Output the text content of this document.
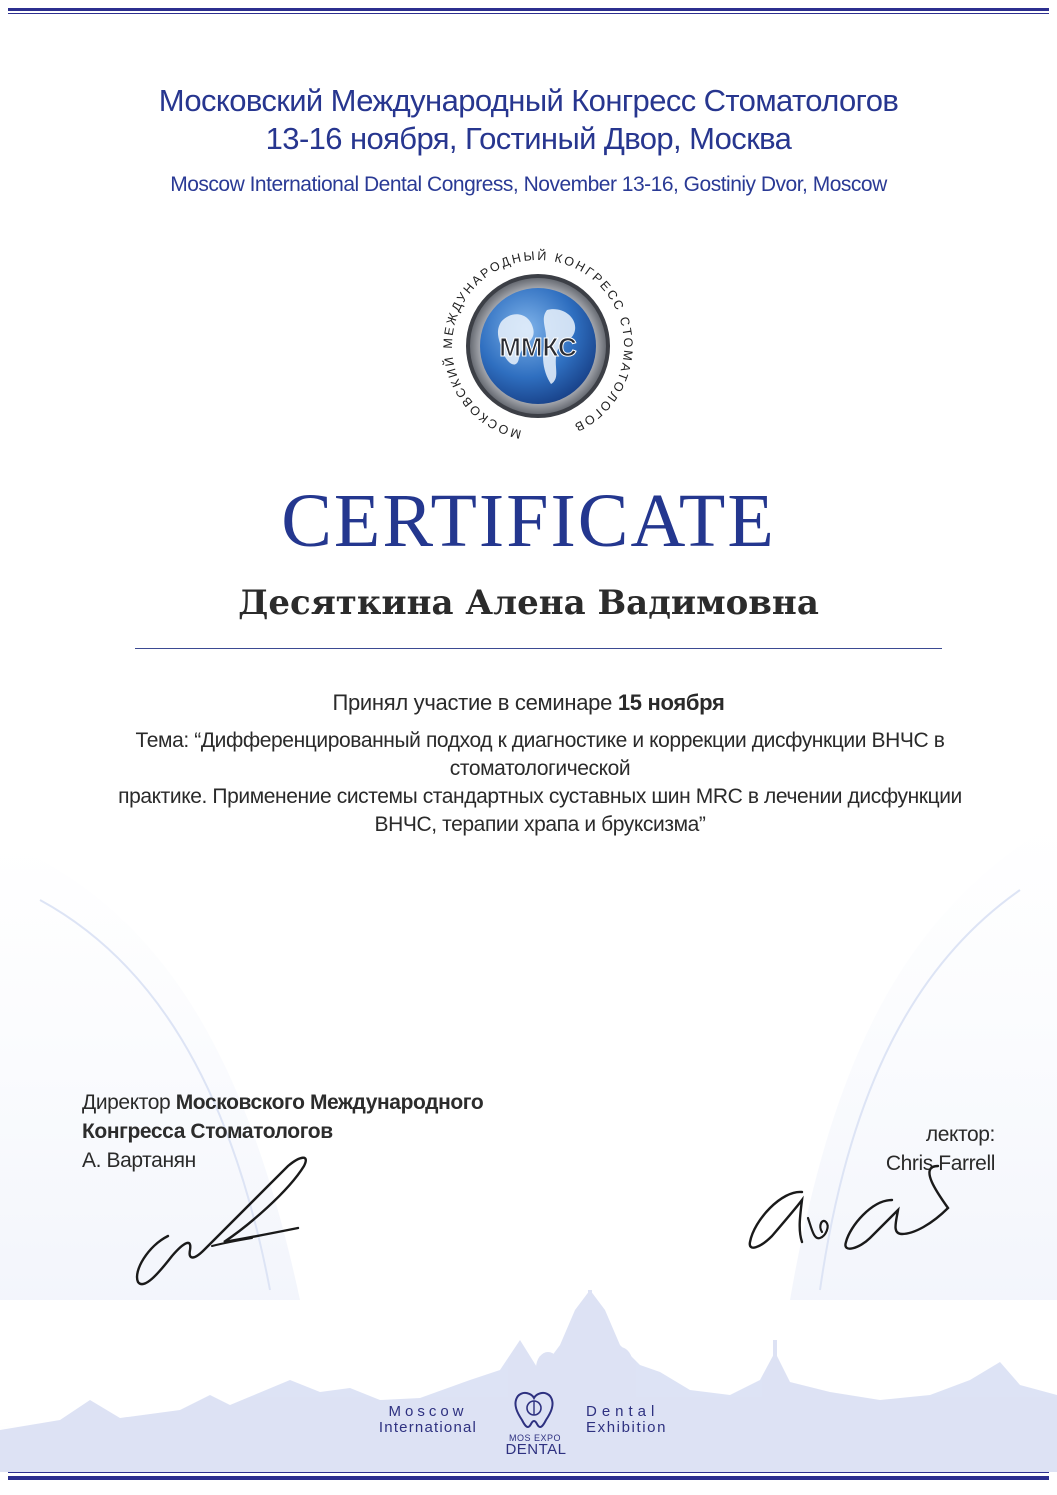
Московский Международный Конгресс Стоматологов
13-16 ноября, Гостиный Двор, Москва
Moscow International Dental Congress, November 13-16, Gostiniy Dvor, Moscow
ММКС
МОСКОВСКИЙ МЕЖДУНАРОДНЫЙ КОНГРЕСС СТОМАТОЛОГОВ
CERTIFICATE
Десяткина Алена Вадимовна
Принял участие в семинаре 15 ноября
Тема: “Дифференцированный подход к диагностике и коррекции дисфункции ВНЧС в стоматологической
практике. Применение системы стандартных суставных шин MRC в лечении дисфункции
ВНЧС, терапии храпа и бруксизма”
Директор Московского Международного
Конгресса Стоматологов
А. Вартанян
лектор:
Chris Farrell
Moscow
International
Dental
Exhibition
MOS EXPO
DENTAL
